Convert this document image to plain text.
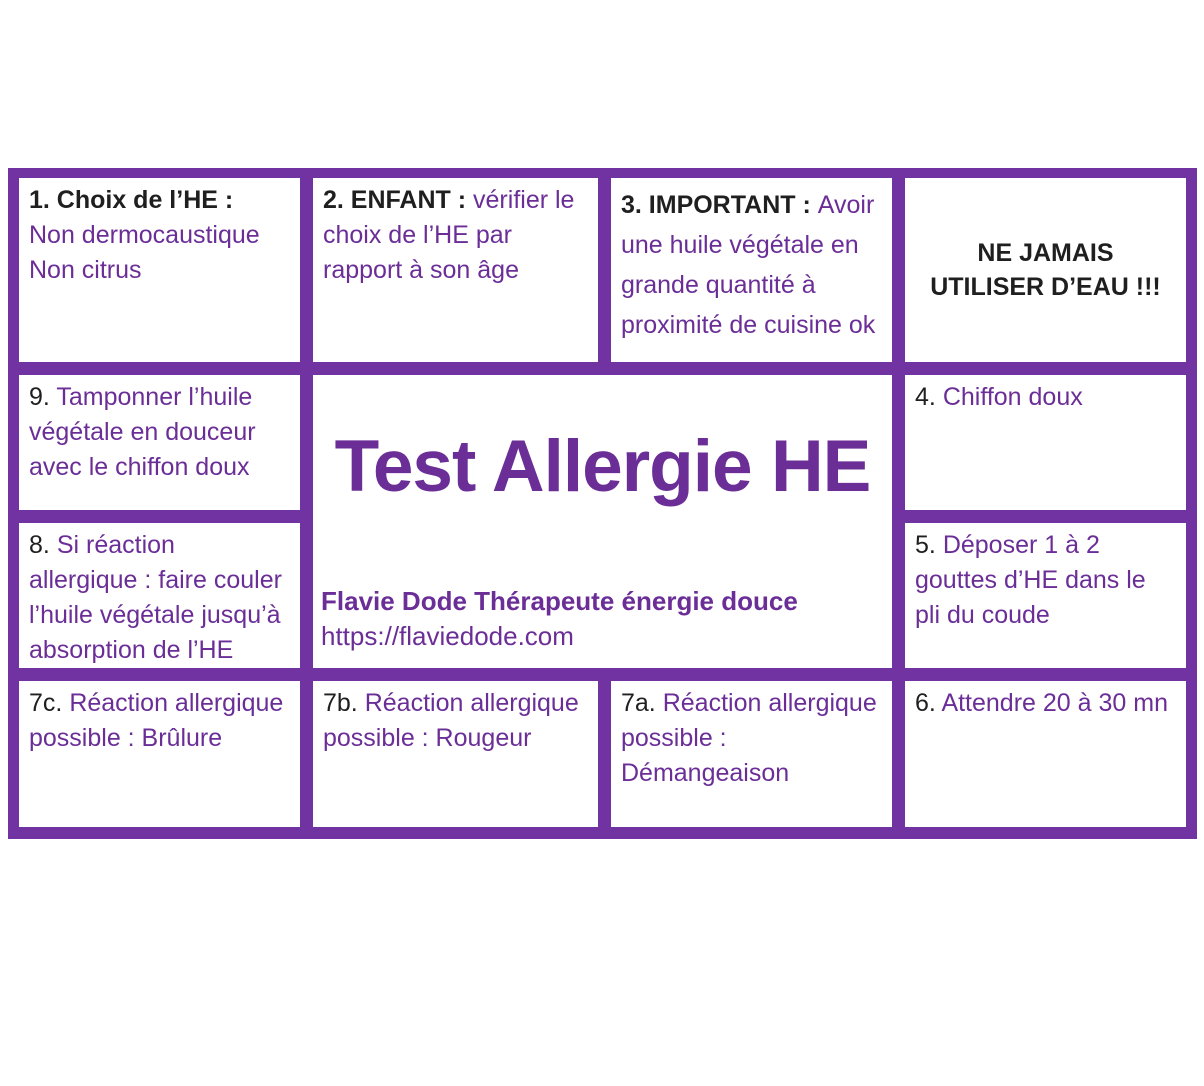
1. Choix de l’HE :
Non dermocaustique Non citrus
2. ENFANT : vérifier le choix de l’HE par rapport à son âge
3. IMPORTANT : Avoir une huile végétale en grande quantité à proximité de cuisine ok
NE JAMAIS UTILISER D’EAU !!!
9. Tamponner l’huile végétale en douceur avec le chiffon doux	Test Allergie HE
Flavie Dode Thérapeute énergie douce
https://flaviedode.com
4. Chiffon doux
8. Si réaction allergique : faire couler l’huile végétale jusqu’à absorption de l’HE
5. Déposer 1 à 2 gouttes d’HE dans le pli du coude
7c. Réaction allergique possible : Brûlure
7b. Réaction allergique possible : Rougeur
7a. Réaction allergique possible : Démangeaison
6. Attendre 20 à 30 mn
